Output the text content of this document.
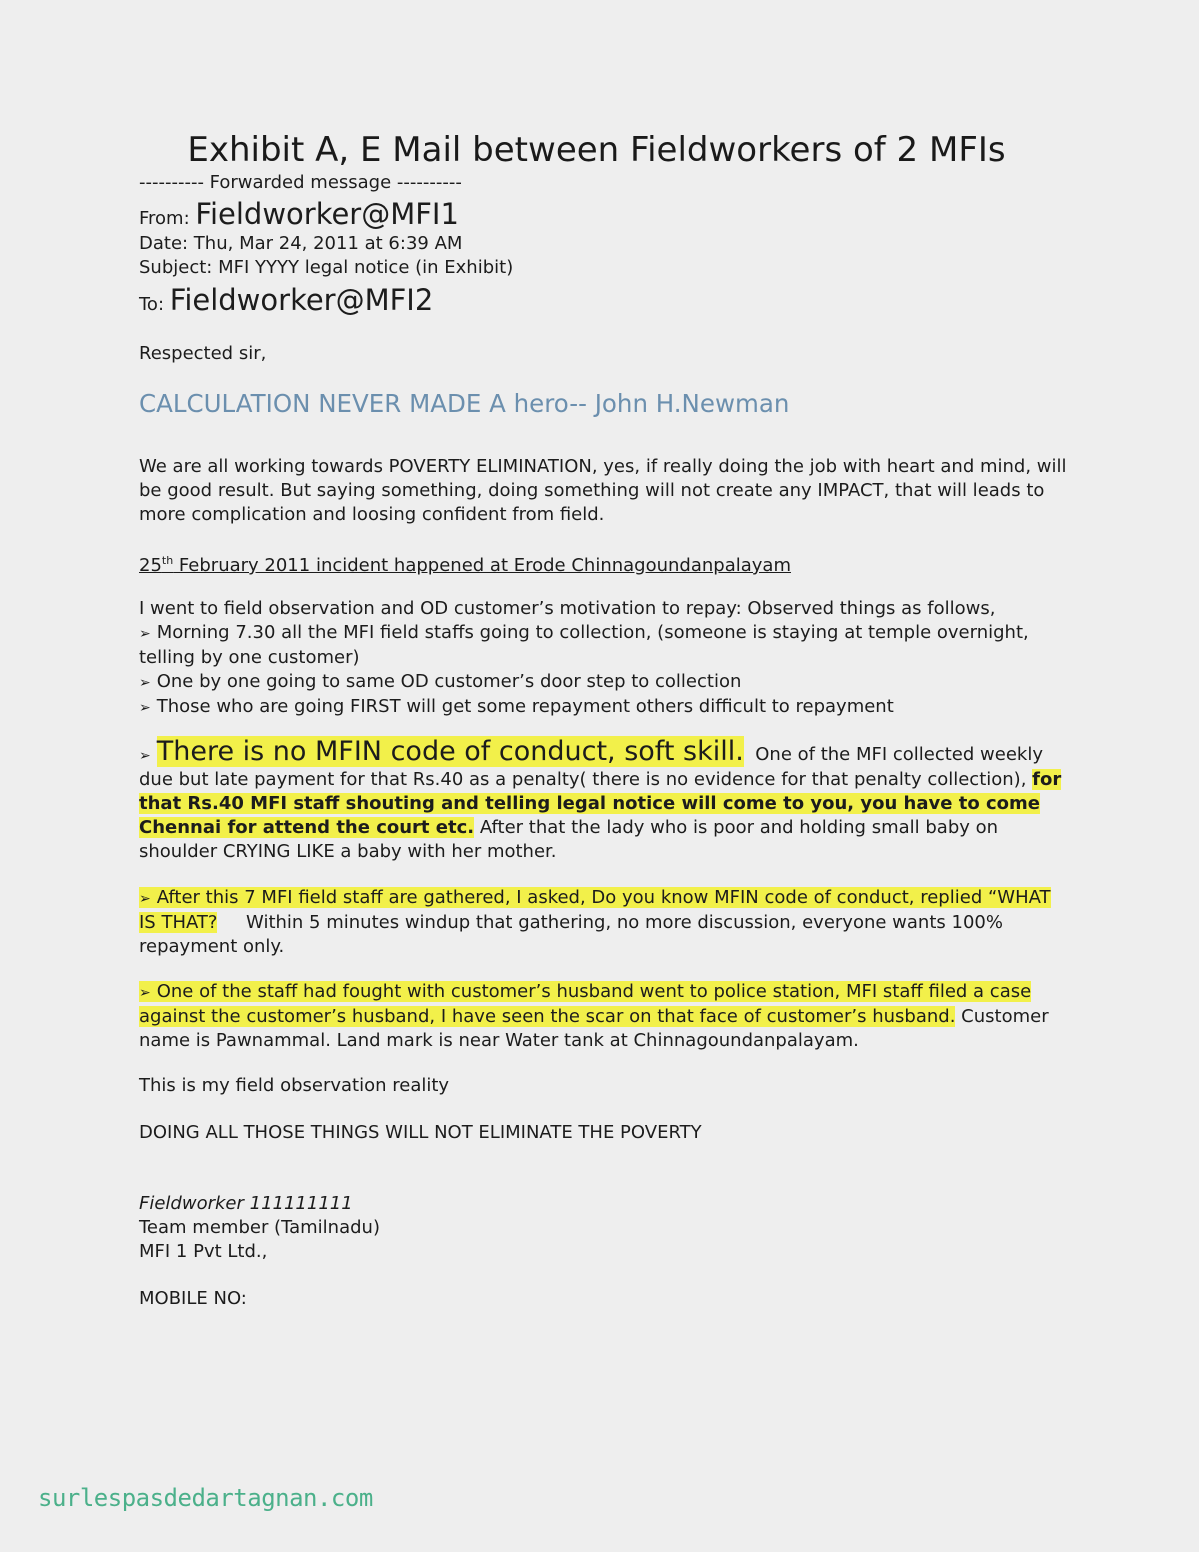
Exhibit A, E Mail between Fieldworkers of 2 MFIs
---------- Forwarded message ----------
From: Fieldworker@MFI1
Date: Thu, Mar 24, 2011 at 6:39 AM
Subject: MFI YYYY legal notice (in Exhibit)
To: Fieldworker@MFI2
Respected sir,
CALCULATION NEVER MADE A hero-- John H.Newman
We are all working towards POVERTY ELIMINATION, yes, if really doing the job with heart and mind, will be good result. But saying something, doing something will not create any IMPACT, that will leads to more complication and loosing confident from field.
25th February 2011 incident happened at Erode Chinnagoundanpalayam
I went to field observation and OD customer’s motivation to repay: Observed things as follows,
➢ Morning 7.30 all the MFI field staffs going to collection, (someone is staying at temple overnight, telling by one customer)
➢ One by one going to same OD customer’s door step to collection
➢ Those who are going FIRST will get some repayment others difficult to repayment
➢ There is no MFIN code of conduct, soft skill. One of the MFI collected weekly due but late payment for that Rs.40 as a penalty( there is no evidence for that penalty collection), for that Rs.40 MFI staff shouting and telling legal notice will come to you, you have to come Chennai for attend the court etc. After that the lady who is poor and holding small baby on shoulder CRYING LIKE a baby with her mother.
➢ After this 7 MFI field staff are gathered, I asked, Do you know MFIN code of conduct, replied “WHAT IS THAT?     Within 5 minutes windup that gathering, no more discussion, everyone wants 100% repayment only.
➢ One of the staff had fought with customer’s husband went to police station, MFI staff filed a case against the customer’s husband, I have seen the scar on that face of customer’s husband. Customer name is Pawnammal. Land mark is near Water tank at Chinnagoundanpalayam.
This is my field observation reality
DOING ALL THOSE THINGS WILL NOT ELIMINATE THE POVERTY
Fieldworker 111111111
Team member (Tamilnadu)
MFI 1 Pvt Ltd.,
MOBILE NO:
surlespasdedartagnan.com
